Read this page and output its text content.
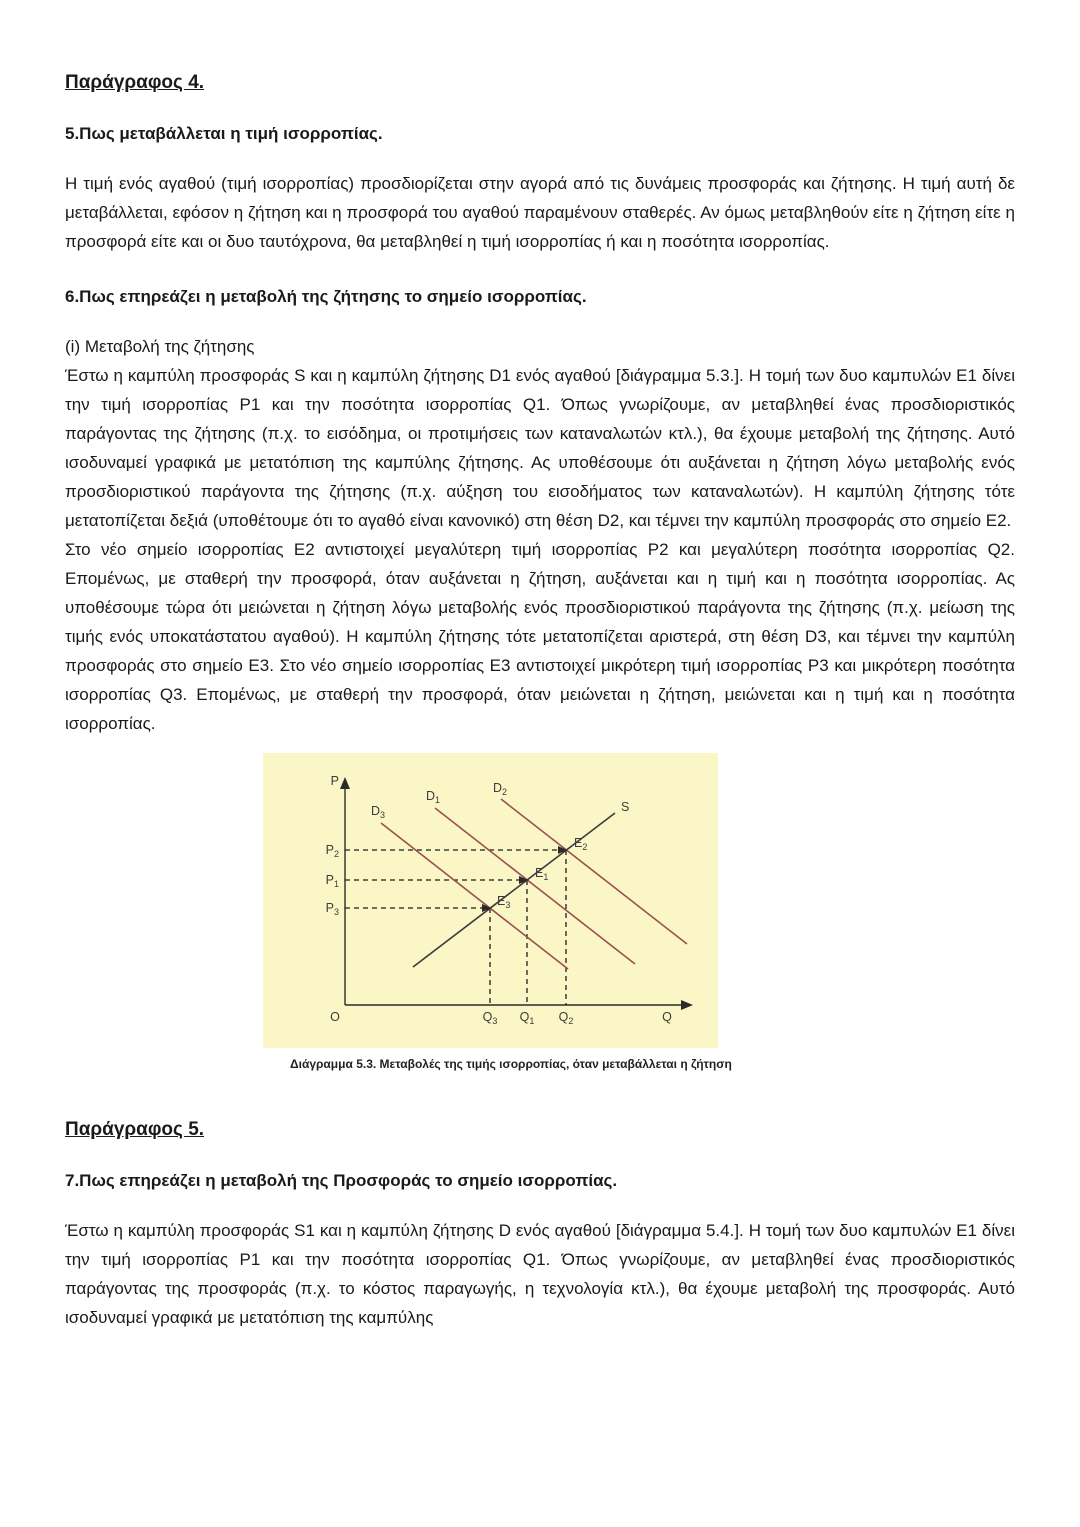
Παράγραφος 4.
5.Πως μεταβάλλεται η τιμή ισορροπίας.

Η τιμή ενός αγαθού (τιμή ισορροπίας) προσδιορίζεται στην αγορά από τις δυνάμεις προσφοράς και ζήτησης. Η τιμή αυτή δε μεταβάλλεται, εφόσον η ζήτηση και η προσφορά του αγαθού παραμένουν σταθερές. Αν όμως μεταβληθούν είτε η ζήτηση είτε η προσφορά είτε και οι δυο ταυτόχρονα, θα μεταβληθεί η τιμή ισορροπίας ή και η ποσότητα ισορροπίας.

6.Πως επηρεάζει η μεταβολή της ζήτησης το σημείο ισορροπίας.

(i) Μεταβολή της ζήτησης

Έστω η καμπύλη προσφοράς S και η καμπύλη ζήτησης D1 ενός αγαθού [διάγραμμα 5.3.]. Η τομή των δυο καμπυλών E1 δίνει την τιμή ισορροπίας P1 και την ποσότητα ισορροπίας Q1. Όπως γνωρίζουμε, αν μεταβληθεί ένας προσδιοριστικός παράγοντας της ζήτησης (π.χ. το εισόδημα, οι προτιμήσεις των καταναλωτών κτλ.), θα έχουμε μεταβολή της ζήτησης. Αυτό ισοδυναμεί γραφικά με μετατόπιση της καμπύλης ζήτησης. Ας υποθέσουμε ότι αυξάνεται η ζήτηση λόγω μεταβολής ενός προσδιοριστικού παράγοντα της ζήτησης (π.χ. αύξηση του εισοδήματος των καταναλωτών). Η καμπύλη ζήτησης τότε μετατοπίζεται δεξιά (υποθέτουμε ότι το αγαθό είναι κανονικό) στη θέση D2, και τέμνει την καμπύλη προσφοράς στο σημείο E2.

Στο νέο σημείο ισορροπίας E2 αντιστοιχεί μεγαλύτερη τιμή ισορροπίας P2 και μεγαλύτερη ποσότητα ισορροπίας Q2. Επομένως, με σταθερή την προσφορά, όταν αυξάνεται η ζήτηση, αυξάνεται και η τιμή και η ποσότητα ισορροπίας. Ας υποθέσουμε τώρα ότι μειώνεται η ζήτηση λόγω μεταβολής ενός προσδιοριστικού παράγοντα της ζήτησης (π.χ. μείωση της τιμής ενός υποκατάστατου αγαθού). Η καμπύλη ζήτησης τότε μετατοπίζεται αριστερά, στη θέση D3, και τέμνει την καμπύλη προσφοράς στο σημείο E3. Στο νέο σημείο ισορροπίας E3 αντιστοιχεί μικρότερη τιμή ισορροπίας P3 και μικρότερη ποσότητα ισορροπίας Q3. Επομένως, με σταθερή την προσφορά, όταν μειώνεται η ζήτηση, μειώνεται και η τιμή και η ποσότητα ισορροπίας.

P
Q
O
S
$D_1$
$D_2$
$D_3$
$E_2$
$E_1$
$E_3$
$P_2$
$P_1$
$P_3$
$Q_3$ $Q_1$ $Q_2$
Διάγραμμα 5.3. Μεταβολές της τιμής ισορροπίας, όταν μεταβάλλεται η ζήτηση
Παράγραφος 5.
7.Πως επηρεάζει η μεταβολή της Προσφοράς το σημείο ισορροπίας.

Έστω η καμπύλη προσφοράς S1 και η καμπύλη ζήτησης D ενός αγαθού [διάγραμμα 5.4.]. Η τομή των δυο καμπυλών E1 δίνει την τιμή ισορροπίας P1 και την ποσότητα ισορροπίας Q1. Όπως γνωρίζουμε, αν μεταβληθεί ένας προσδιοριστικός παράγοντας της προσφοράς (π.χ. το κόστος παραγωγής, η τεχνολογία κτλ.), θα έχουμε μεταβολή της προσφοράς. Αυτό ισοδυναμεί γραφικά με μετατόπιση της καμπύλης
